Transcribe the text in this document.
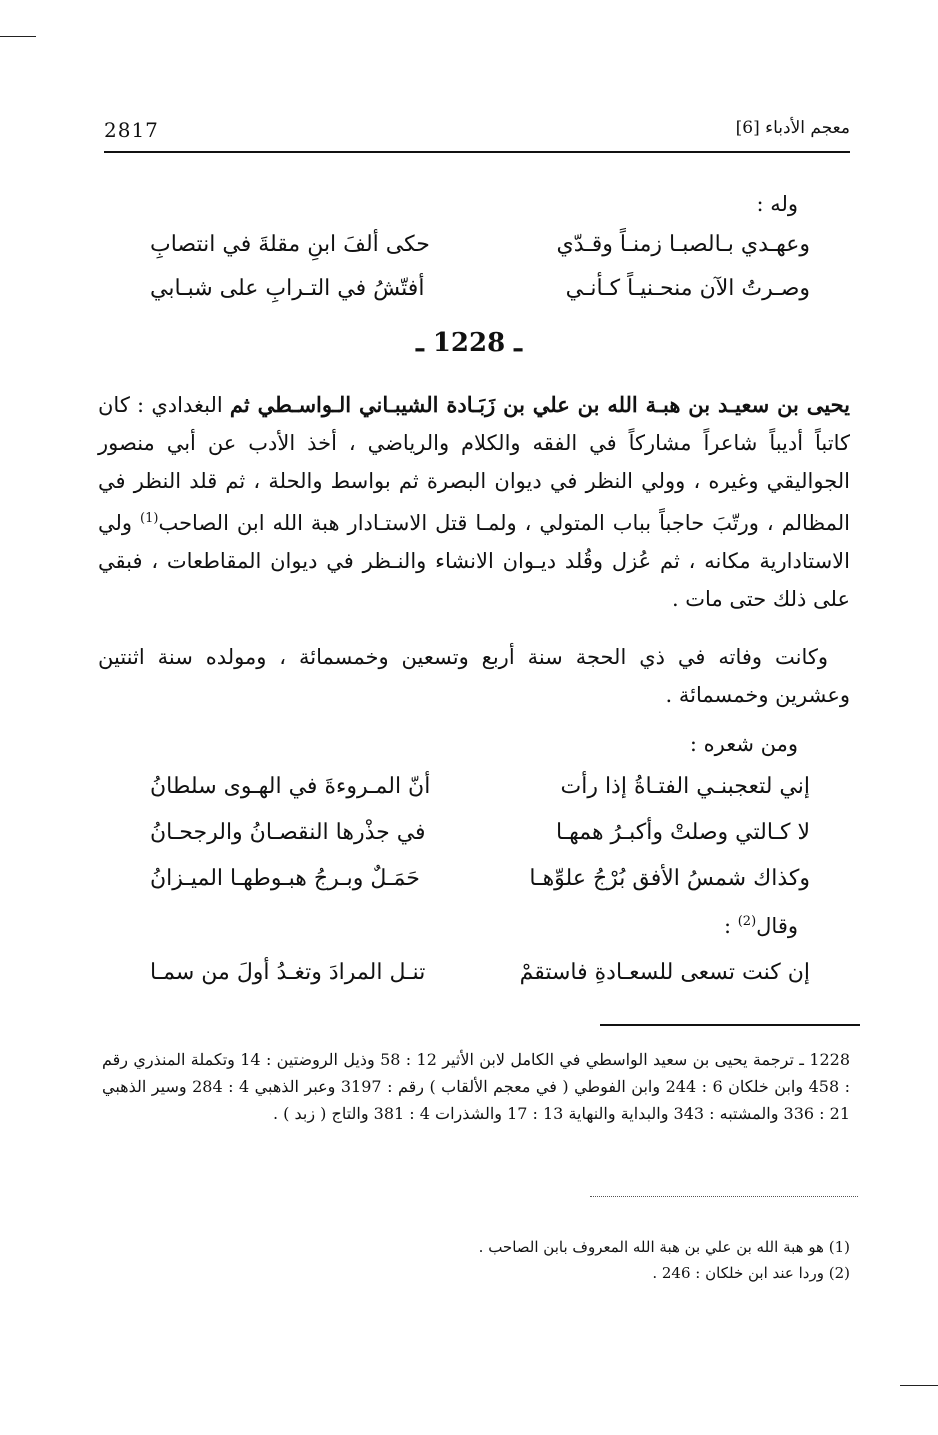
2817	معجم الأدباء [6]
وله :
وعهـدي بـالصبـا زمنـاً وقـدّي
حكى ألفَ ابنِ مقلةَ في انتصابِ
وصـرتُ الآن منحـنيـاً كـأنـي
أفتّشُ في التـرابِ على شبـابي
ـ 1228 ـ
يحيى بن سعيـد بن هبـة الله بن علي بن زَبَـادة الشيبـاني الـواسـطي ثم البغدادي : كان كاتباً أديباً شاعراً مشاركاً في الفقه والكلام والرياضي ، أخذ الأدب عن أبي منصور الجواليقي وغيره ، وولي النظر في ديوان البصرة ثم بواسط والحلة ، ثم قلد النظر في المظالم ، ورتّبَ حاجباً بباب المتولي ، ولمـا قتل الاستـادار هبة الله ابن الصاحب$^{(1)}$ ولي الاستادارية مكانه ، ثم عُزل وقُلد ديـوان الانشاء والنـظر في ديوان المقاطعات ، فبقي على ذلك حتى مات .
وكانت وفاته في ذي الحجة سنة أربع وتسعين وخمسمائة ، ومولده سنة اثنتين وعشرين وخمسمائة .
ومن شعره :
إني لتعجبنـي الفتـاةُ إذا رأت
أنّ المـروءةَ في الهـوى سلطانُ
لا كـالتي وصلتْ وأكبـرُ همهـا
في جذْرها النقصـانُ والرجحـانُ
وكذاك شمسُ الأفق بُرْجُ علوِّهـا
حَمَـلٌ وبـرجُ هبـوطهـا الميـزانُ
وقال$^{(2)}$ :
إن كنت تسعى للسعـادةِ فاستقمْ
تنـل المرادَ وتغـدُ أولَ من سمـا
1228 ـ ترجمة يحيى بن سعيد الواسطي في الكامل لابن الأثير 12 : 58 وذيل الروضتين : 14 وتكملة المنذري رقم : 458 وابن خلكان 6 : 244 وابن الفوطي ( في معجم الألقاب ) رقم : 3197 وعبر الذهبي 4 : 284 وسير الذهبي 21 : 336 والمشتبه : 343 والبداية والنهاية 13 : 17 والشذرات 4 : 381 والتاج ( زبد ) .
(1) هو هبة الله بن علي بن هبة الله المعروف بابن الصاحب .
(2) وردا عند ابن خلكان : 246 .
